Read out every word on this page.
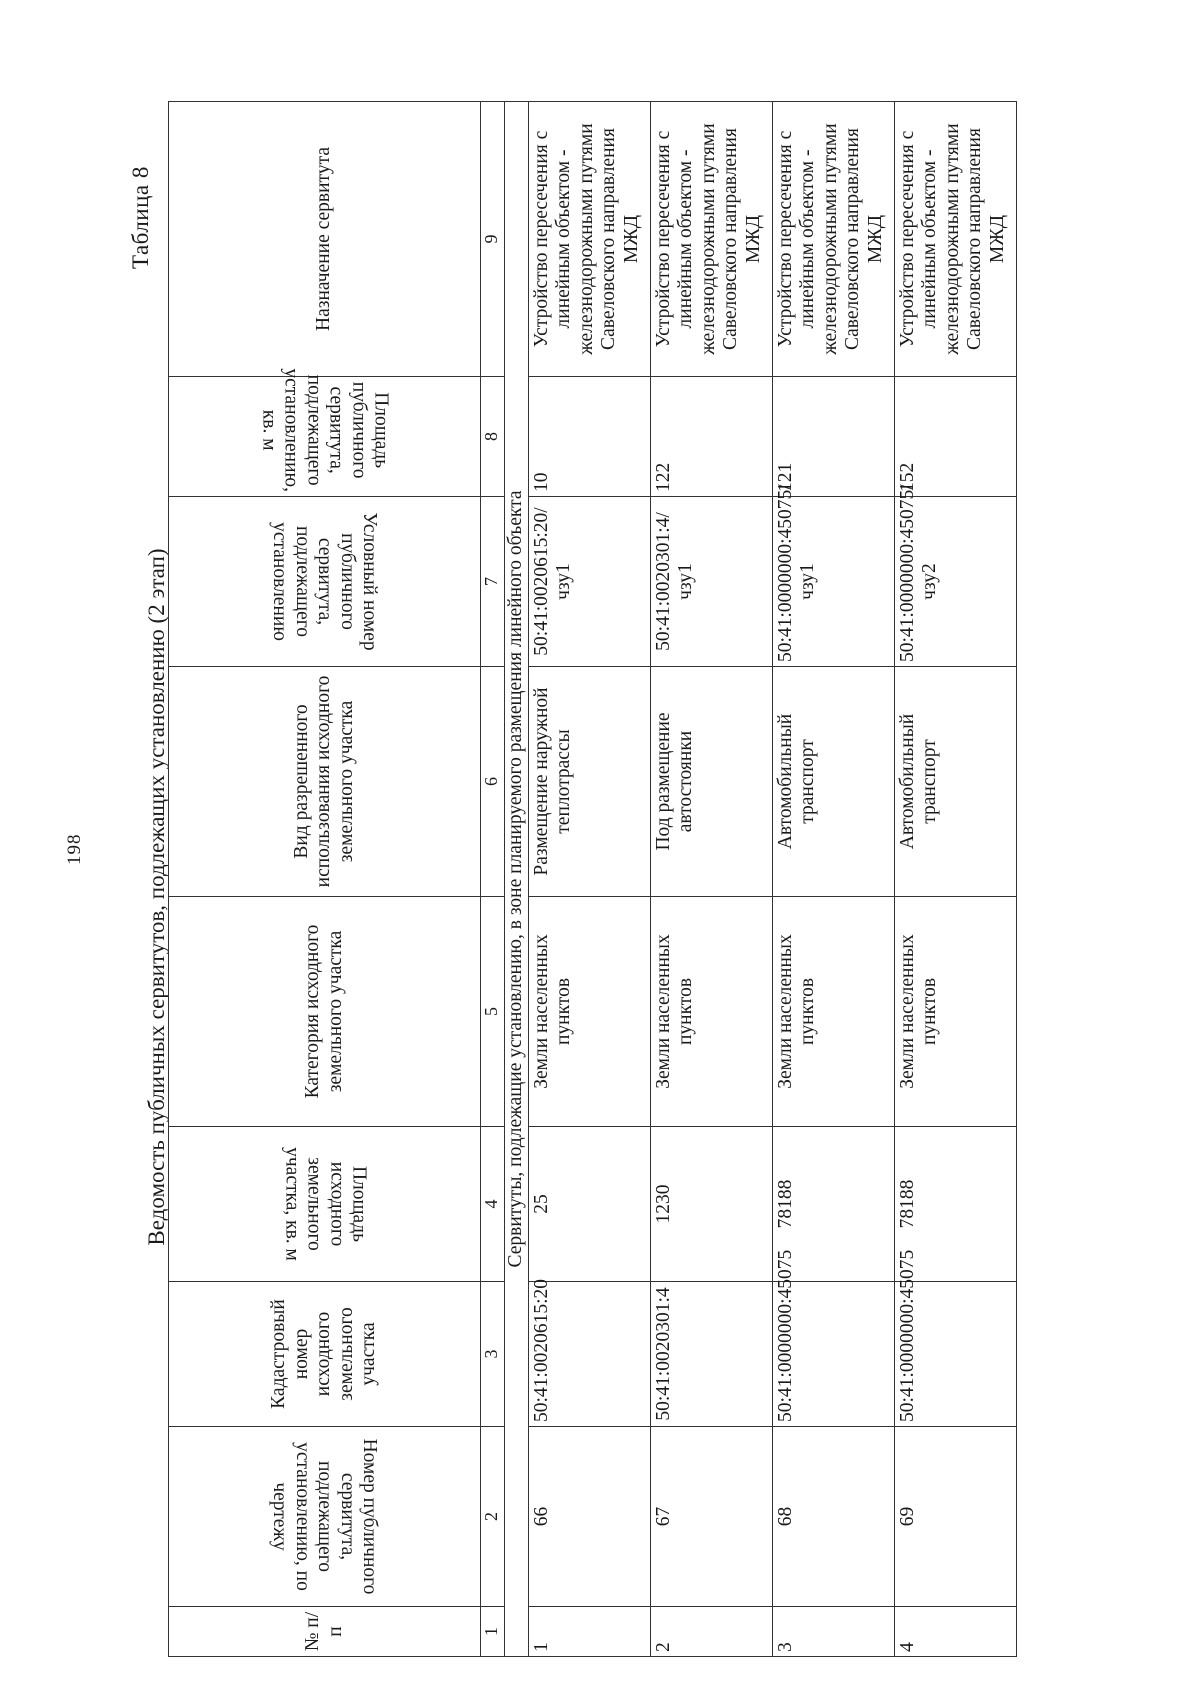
198
Таблица 8
Ведомость публичных сервитутов, подлежащих установлению (2 этап)
№ п/п	Номер публичного сервитута, подлежащего установлению, по чертежу	Кадастровый номер исходного земельного участка	Площадь исходного земельного участка, кв. м	Категория исходного земельного участка	Вид разрешенного использования исходного земельного участка	Условный номер публичного сервитута, подлежащего установлению	Площадь публичного сервитута, подлежащего установлению, кв. м	Назначение сервитута
1	2	3	4	5	6	7	8	9
Сервитуты, подлежащие установлению, в зоне планируемого размещения линейного объекта								
1	66	50:41:0020615:20	25	Земли населенных пунктов	Размещение наружной теплотрассы	50:41:0020615:20/чзу1	10	Устройство пересечения с линейным объектом - железнодорожными путями Савеловского направления МЖД
2	67	50:41:0020301:4	1230	Земли населенных пунктов	Под размещение автостоянки	50:41:0020301:4/чзу1	122	Устройство пересечения с линейным объектом - железнодорожными путями Савеловского направления МЖД
3	68	50:41:0000000:45075	78188	Земли населенных пунктов	Автомобильный транспорт	50:41:0000000:45075/чзу1	121	Устройство пересечения с линейным объектом - железнодорожными путями Савеловского направления МЖД
4	69	50:41:0000000:45075	78188	Земли населенных пунктов	Автомобильный транспорт	50:41:0000000:45075/чзу2	152	Устройство пересечения с линейным объектом - железнодорожными путями Савеловского направления МЖД
